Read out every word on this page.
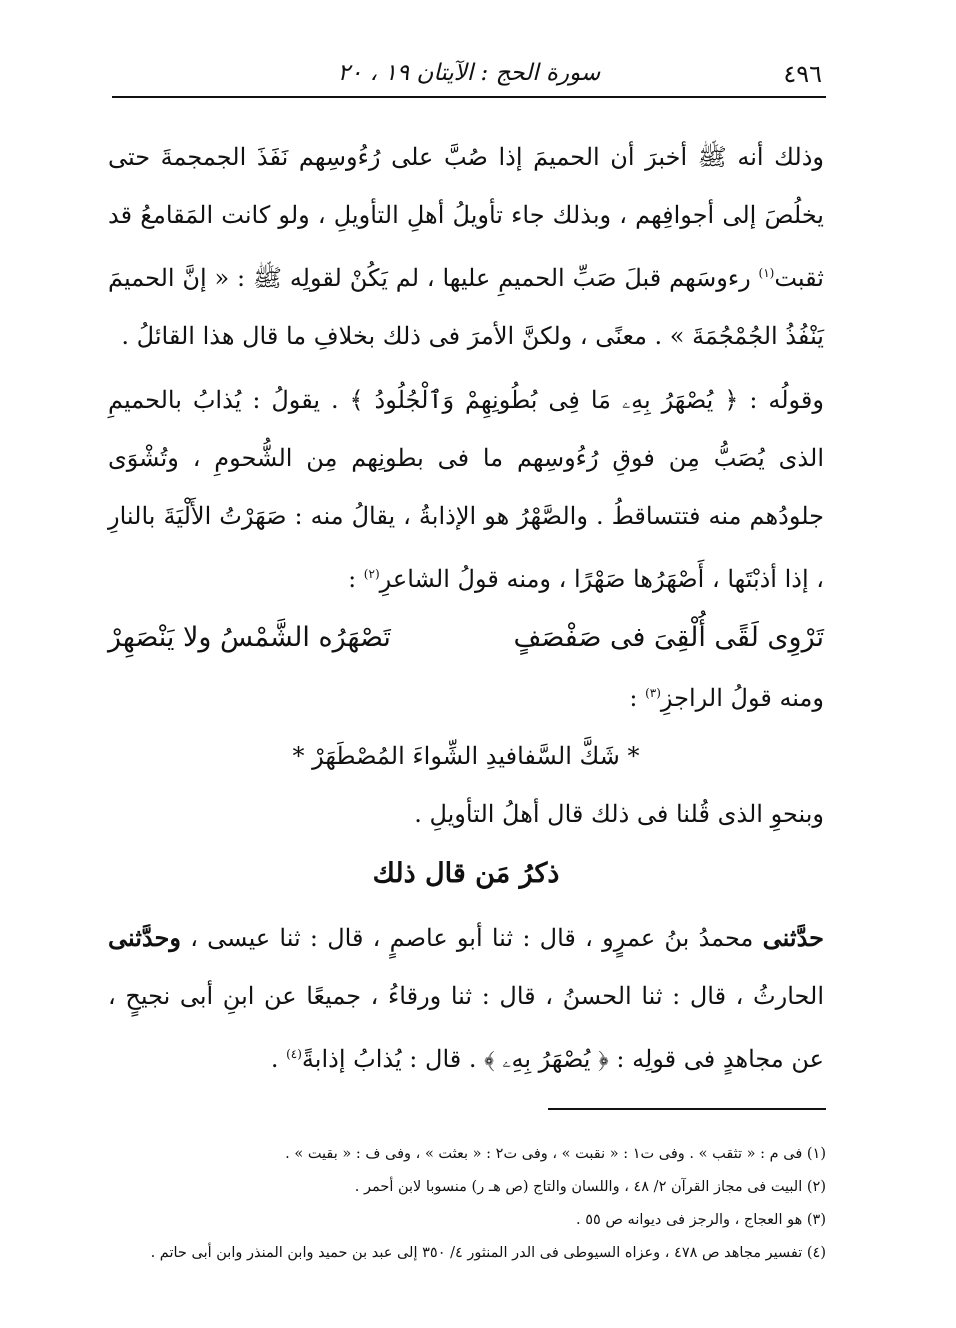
٤٩٦
سورة الحج : الآيتان ١٩ ، ٢٠

وذلك أنه ﷺ أخبرَ أن الحميمَ إذا صُبَّ على رُءُوسِهم نَفَذَ الجمجمةَ حتى يخلُصَ إلى أجوافِهم ، وبذلك جاء تأويلُ أهلِ التأويلِ ، ولو كانت المَقامعُ قد ثقبت$^{(١)}$ رءوسَهم قبلَ صَبِّ الحميمِ عليها ، لم يَكُنْ لقولِه ﷺ : « إنَّ الحميمَ يَنْفُذُ الجُمْجُمَةَ » . معنًى ، ولكنَّ الأمرَ فى ذلك بخلافِ ما قال هذا القائلُ .

وقولُه : ﴿ يُصْهَرُ بِهِۦ مَا فِى بُطُونِهِمْ وَٱلْجُلُودُ ﴾ . يقولُ : يُذابُ بالحميمِ الذى يُصَبُّ مِن فوقِ رُءُوسِهم ما فى بطونِهم مِن الشُّحومِ ، وتُشْوَى جلودُهم منه فتتساقطُ . والصَّهْرُ هو الإذابةُ ، يقالُ منه : صَهَرْتُ الأَلْيَةَ بالنارِ ، إذا أذبْتَها ، أَصْهَرُها صَهْرًا ، ومنه قولُ الشاعرِ$^{(٢)}$ :

تَرْوِى لَقًى أُلْقِىَ فى صَفْصَفٍ
تَصْهَرُه الشَّمْسُ ولا يَنْصَهِرْ

ومنه قولُ الراجزِ$^{(٣)}$ :

* شَكَّ السَّفافيدِ الشِّواءَ المُصْطَهَرْ *

وبنحوِ الذى قُلنا فى ذلك قال أهلُ التأويلِ .

ذكرُ مَن قال ذلك

حدَّثنى محمدُ بنُ عمرٍو ، قال : ثنا أبو عاصمٍ ، قال : ثنا عيسى ، وحدَّثنى الحارثُ ، قال : ثنا الحسنُ ، قال : ثنا ورقاءُ ، جميعًا عن ابنِ أبى نجيحٍ ، عن مجاهدٍ فى قولِه : ﴿ يُصْهَرُ بِهِۦ ﴾ . قال : يُذابُ إذابةً$^{(٤)}$ .

(١) فى م : « تثقب » . وفى ت١ : « نقبت » ، وفى ت٢ : « بعثت » ، وفى ف : « بقيت » .

(٢) البيت فى مجاز القرآن ٢/ ٤٨ ، واللسان والتاج (ص هـ ر) منسوبا لابن أحمر .

(٣) هو العجاج ، والرجز فى ديوانه ص ٥٥ .

(٤) تفسير مجاهد ص ٤٧٨ ، وعزاه السيوطى فى الدر المنثور ٤/ ٣٥٠ إلى عبد بن حميد وابن المنذر وابن أبى حاتم .
